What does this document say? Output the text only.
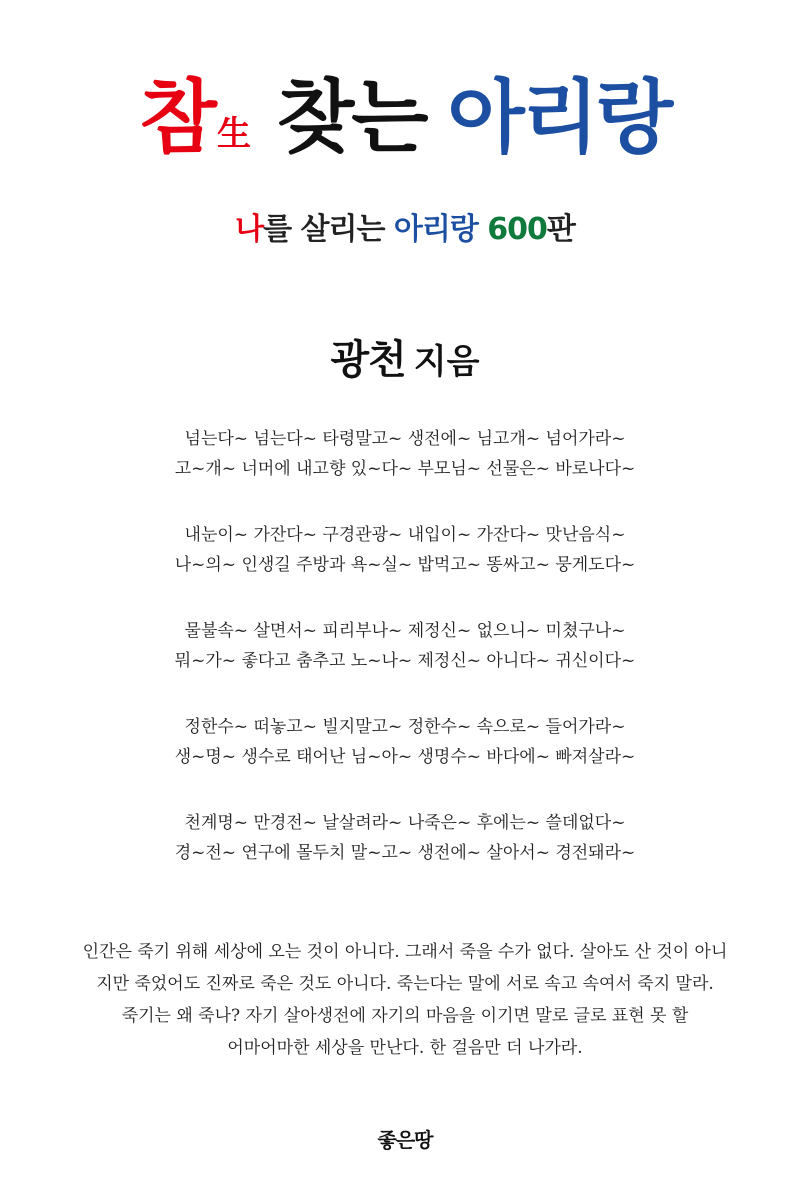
참生 찾는 아리랑
나를 살리는 아리랑 600판
광천 지음
넘는다~ 넘는다~ 타령말고~ 생전에~ 님고개~ 넘어가라~
고~개~ 너머에 내고향 있~다~ 부모님~ 선물은~ 바로나다~
내눈이~ 가잔다~ 구경관광~ 내입이~ 가잔다~ 맛난음식~
나~의~ 인생길 주방과 욕~실~ 밥먹고~ 똥싸고~ 뭉게도다~
물불속~ 살면서~ 피리부나~ 제정신~ 없으니~ 미쳤구나~
뭐~가~ 좋다고 춤추고 노~나~ 제정신~ 아니다~ 귀신이다~
정한수~ 떠놓고~ 빌지말고~ 정한수~ 속으로~ 들어가라~
생~명~ 생수로 태어난 님~아~ 생명수~ 바다에~ 빠져살라~
천계명~ 만경전~ 날살려라~ 나죽은~ 후에는~ 쓸데없다~
경~전~ 연구에 몰두치 말~고~ 생전에~ 살아서~ 경전돼라~
인간은 죽기 위해 세상에 오는 것이 아니다. 그래서 죽을 수가 없다. 살아도 산 것이 아니
지만 죽었어도 진짜로 죽은 것도 아니다. 죽는다는 말에 서로 속고 속여서 죽지 말라.
죽기는 왜 죽나? 자기 살아생전에 자기의 마음을 이기면 말로 글로 표현 못 할
어마어마한 세상을 만난다. 한 걸음만 더 나가라.
좋은땅
